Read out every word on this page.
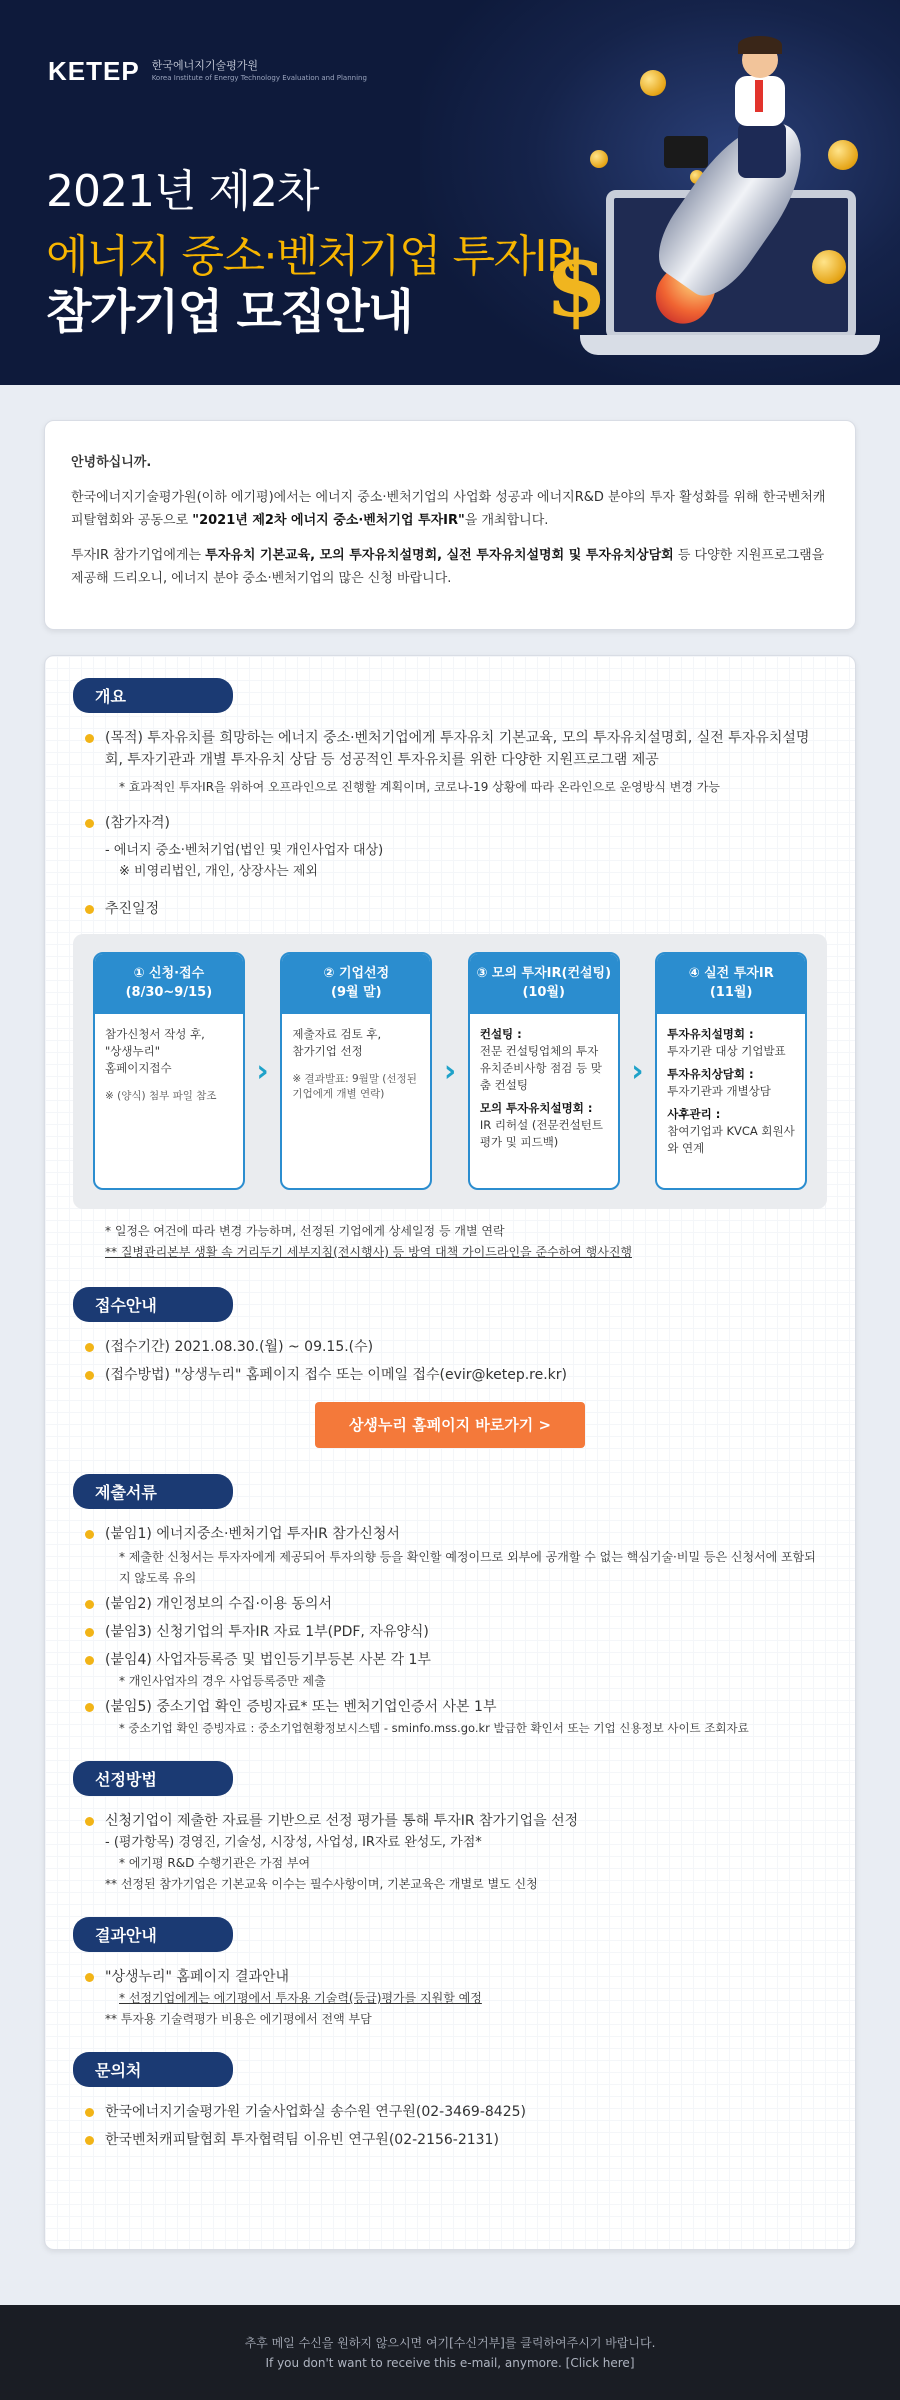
KETEP 한국에너지기술평가원
Korea Institute of Energy Technology Evaluation and Planning
2021년 제2차
에너지 중소·벤처기업 투자IR
참가기업 모집안내 $

안녕하십니까.

한국에너지기술평가원(이하 에기평)에서는 에너지 중소·벤처기업의 사업화 성공과 에너지R&D 분야의 투자 활성화를 위해 한국벤처캐피탈협회와 공동으로 "2021년 제2차 에너지 중소·벤처기업 투자IR"을 개최합니다.

투자IR 참가기업에게는 투자유치 기본교육, 모의 투자유치설명회, 실전 투자유치설명회 및 투자유치상담회 등 다양한 지원프로그램을 제공해 드리오니, 에너지 분야 중소·벤처기업의 많은 신청 바랍니다.

개요
(목적) 투자유치를 희망하는 에너지 중소·벤처기업에게 투자유치 기본교육, 모의 투자유치설명회, 실전 투자유치설명회, 투자기관과 개별 투자유치 상담 등 성공적인 투자유치를 위한 다양한 지원프로그램 제공
* 효과적인 투자IR을 위하여 오프라인으로 진행할 계획이며, 코로나-19 상황에 따라 온라인으로 운영방식 변경 가능
(참가자격)
- 에너지 중소·벤처기업(법인 및 개인사업자 대상)
※ 비영리법인, 개인, 상장사는 제외
추진일정
① 신청·접수
(8/30~9/15)
참가신청서 작성 후,
"상생누리"
홈페이지접수
※ (양식) 첨부 파일 참조
›
② 기업선정
(9월 말)
제출자료 검토 후,
참가기업 선정
※ 결과발표: 9월말 (선정된 기업에게 개별 연락)
›
③ 모의 투자IR(컨설팅)
(10월)
컨설팅 :
전문 컨설팅업체의 투자유치준비사항 점검 등 맞춤 컨설팅
모의 투자유치설명회 :
IR 리허설 (전문컨설턴트 평가 및 피드백)
›
④ 실전 투자IR
(11월)
투자유치설명회 :
투자기관 대상 기업발표
투자유치상담회 :
투자기관과 개별상담
사후관리 :
참여기업과 KVCA 회원사와 연계
* 일정은 여건에 따라 변경 가능하며, 선정된 기업에게 상세일정 등 개별 연락
** 질병관리본부 생활 속 거리두기 세부지침(전시행사) 등 방역 대책 가이드라인을 준수하여 행사진행
접수안내
(접수기간) 2021.08.30.(월) ~ 09.15.(수)
(접수방법) "상생누리" 홈페이지 접수 또는 이메일 접수(evir@ketep.re.kr)
상생누리 홈페이지 바로가기 >
제출서류
(붙임1) 에너지중소·벤처기업 투자IR 참가신청서
* 제출한 신청서는 투자자에게 제공되어 투자의향 등을 확인할 예정이므로 외부에 공개할 수 없는 핵심기술·비밀 등은 신청서에 포함되지 않도록 유의
(붙임2) 개인정보의 수집·이용 동의서
(붙임3) 신청기업의 투자IR 자료 1부(PDF, 자유양식)
(붙임4) 사업자등록증 및 법인등기부등본 사본 각 1부
* 개인사업자의 경우 사업등록증만 제출
(붙임5) 중소기업 확인 증빙자료* 또는 벤처기업인증서 사본 1부
* 중소기업 확인 증빙자료 : 중소기업현황정보시스템 - sminfo.mss.go.kr 발급한 확인서 또는 기업 신용정보 사이트 조회자료
선정방법
신청기업이 제출한 자료를 기반으로 선정 평가를 통해 투자IR 참가기업을 선정
- (평가항목) 경영진, 기술성, 시장성, 사업성, IR자료 완성도, 가점*
* 에기평 R&D 수행기관은 가점 부여
** 선정된 참가기업은 기본교육 이수는 필수사항이며, 기본교육은 개별로 별도 신청
결과안내
"상생누리" 홈페이지 결과안내
* 선정기업에게는 에기평에서 투자용 기술력(등급)평가를 지원할 예정
** 투자용 기술력평가 비용은 에기평에서 전액 부담
문의처
한국에너지기술평가원 기술사업화실 송수원 연구원(02-3469-8425)
한국벤처캐피탈협회 투자협력팀 이유빈 연구원(02-2156-2131)
추후 메일 수신을 원하지 않으시면 여기[수신거부]를 클릭하여주시기 바랍니다.
If you don't want to receive this e-mail, anymore. [Click here]
